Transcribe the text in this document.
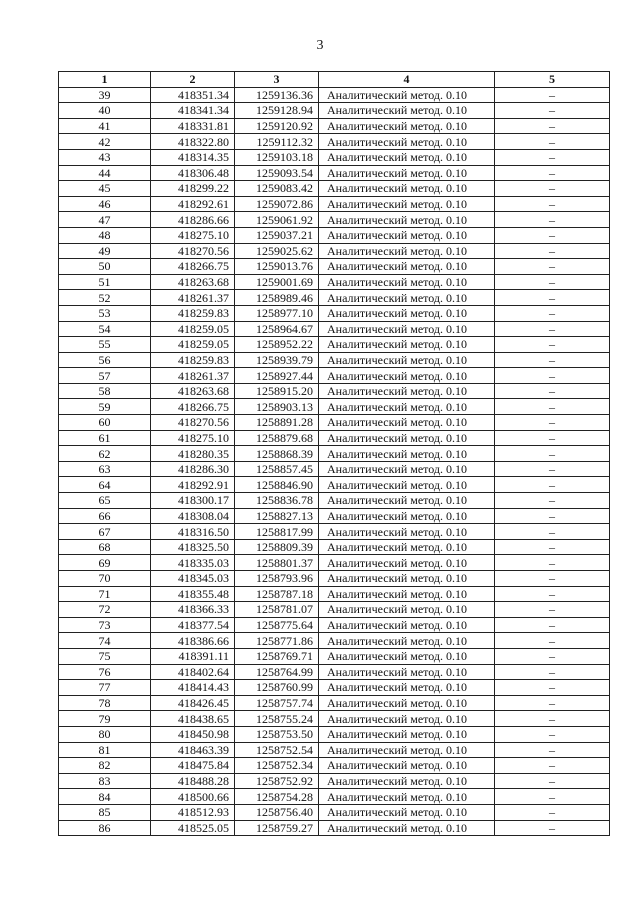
3
1	2	3	4	5
39	418351.34	1259136.36	Аналитический метод. 0.10	–
40	418341.34	1259128.94	Аналитический метод. 0.10	–
41	418331.81	1259120.92	Аналитический метод. 0.10	–
42	418322.80	1259112.32	Аналитический метод. 0.10	–
43	418314.35	1259103.18	Аналитический метод. 0.10	–
44	418306.48	1259093.54	Аналитический метод. 0.10	–
45	418299.22	1259083.42	Аналитический метод. 0.10	–
46	418292.61	1259072.86	Аналитический метод. 0.10	–
47	418286.66	1259061.92	Аналитический метод. 0.10	–
48	418275.10	1259037.21	Аналитический метод. 0.10	–
49	418270.56	1259025.62	Аналитический метод. 0.10	–
50	418266.75	1259013.76	Аналитический метод. 0.10	–
51	418263.68	1259001.69	Аналитический метод. 0.10	–
52	418261.37	1258989.46	Аналитический метод. 0.10	–
53	418259.83	1258977.10	Аналитический метод. 0.10	–
54	418259.05	1258964.67	Аналитический метод. 0.10	–
55	418259.05	1258952.22	Аналитический метод. 0.10	–
56	418259.83	1258939.79	Аналитический метод. 0.10	–
57	418261.37	1258927.44	Аналитический метод. 0.10	–
58	418263.68	1258915.20	Аналитический метод. 0.10	–
59	418266.75	1258903.13	Аналитический метод. 0.10	–
60	418270.56	1258891.28	Аналитический метод. 0.10	–
61	418275.10	1258879.68	Аналитический метод. 0.10	–
62	418280.35	1258868.39	Аналитический метод. 0.10	–
63	418286.30	1258857.45	Аналитический метод. 0.10	–
64	418292.91	1258846.90	Аналитический метод. 0.10	–
65	418300.17	1258836.78	Аналитический метод. 0.10	–
66	418308.04	1258827.13	Аналитический метод. 0.10	–
67	418316.50	1258817.99	Аналитический метод. 0.10	–
68	418325.50	1258809.39	Аналитический метод. 0.10	–
69	418335.03	1258801.37	Аналитический метод. 0.10	–
70	418345.03	1258793.96	Аналитический метод. 0.10	–
71	418355.48	1258787.18	Аналитический метод. 0.10	–
72	418366.33	1258781.07	Аналитический метод. 0.10	–
73	418377.54	1258775.64	Аналитический метод. 0.10	–
74	418386.66	1258771.86	Аналитический метод. 0.10	–
75	418391.11	1258769.71	Аналитический метод. 0.10	–
76	418402.64	1258764.99	Аналитический метод. 0.10	–
77	418414.43	1258760.99	Аналитический метод. 0.10	–
78	418426.45	1258757.74	Аналитический метод. 0.10	–
79	418438.65	1258755.24	Аналитический метод. 0.10	–
80	418450.98	1258753.50	Аналитический метод. 0.10	–
81	418463.39	1258752.54	Аналитический метод. 0.10	–
82	418475.84	1258752.34	Аналитический метод. 0.10	–
83	418488.28	1258752.92	Аналитический метод. 0.10	–
84	418500.66	1258754.28	Аналитический метод. 0.10	–
85	418512.93	1258756.40	Аналитический метод. 0.10	–
86	418525.05	1258759.27	Аналитический метод. 0.10	–
